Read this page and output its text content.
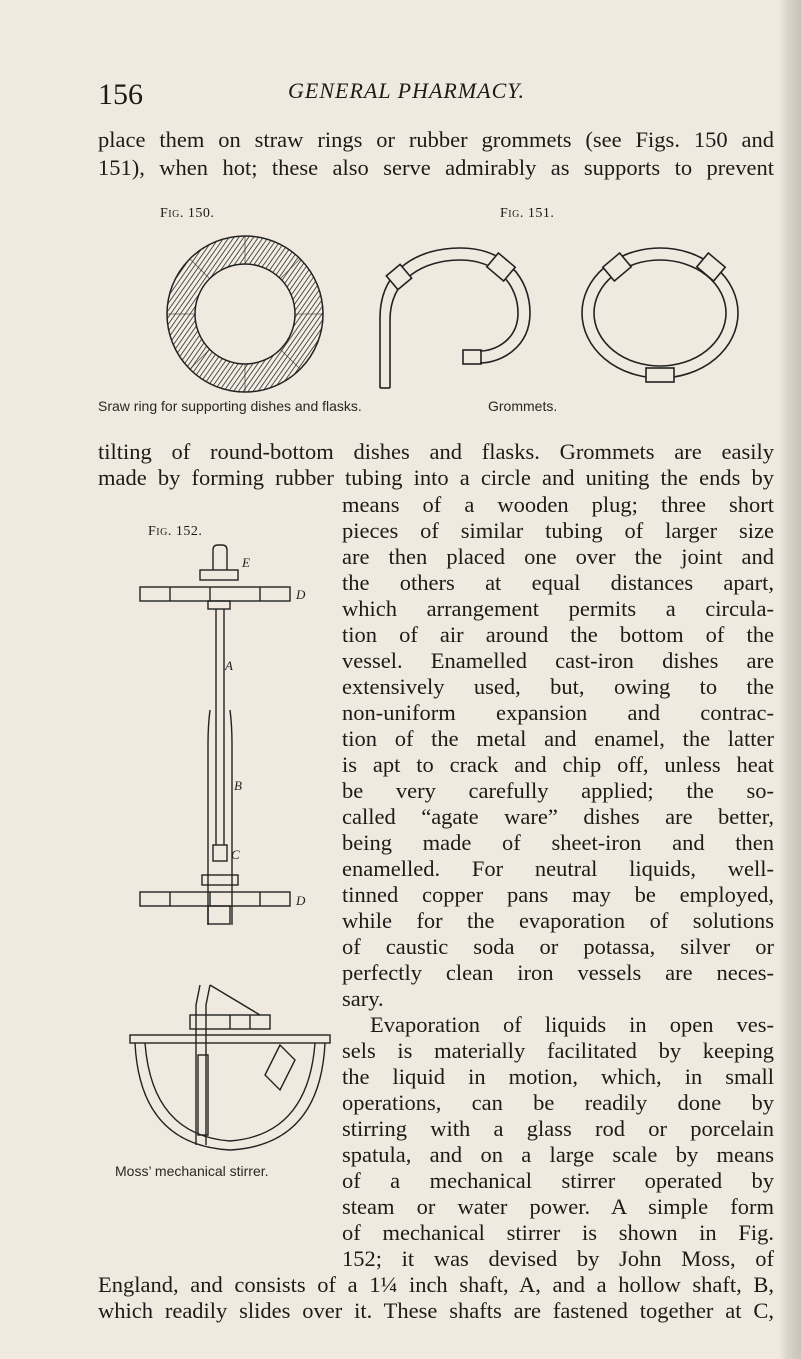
156	GENERAL PHARMACY.
place them on straw rings or rubber grommets (see Figs. 150 and
151), when hot; these also serve admirably as supports to prevent
Fig. 150.
Sraw ring for supporting dishes and flasks.
Fig. 151.
Grommets.
tilting of round-bottom dishes and flasks. Grommets are easily
made by forming rubber tubing into a circle and uniting the ends by
Fig. 152.
E
D
A
B
C
D
Moss’ mechanical stirrer.
means of a wooden plug; three short
pieces of similar tubing of larger size
are then placed one over the joint and
the others at equal distances apart,
which arrangement permits a circula-
tion of air around the bottom of the
vessel. Enamelled cast-iron dishes are
extensively used, but, owing to the
non-uniform expansion and contrac-
tion of the metal and enamel, the latter
is apt to crack and chip off, unless heat
be very carefully applied; the so-
called “agate ware” dishes are better,
being made of sheet-iron and then
enamelled. For neutral liquids, well-
tinned copper pans may be employed,
while for the evaporation of solutions
of caustic soda or potassa, silver or
perfectly clean iron vessels are neces-
sary.
Evaporation of liquids in open ves-
sels is materially facilitated by keeping
the liquid in motion, which, in small
operations, can be readily done by
stirring with a glass rod or porcelain
spatula, and on a large scale by means
of a mechanical stirrer operated by
steam or water power. A simple form
of mechanical stirrer is shown in Fig.
152; it was devised by John Moss, of
England, and consists of a 1¼ inch shaft, A, and a hollow shaft, B,
which readily slides over it. These shafts are fastened together at C,
